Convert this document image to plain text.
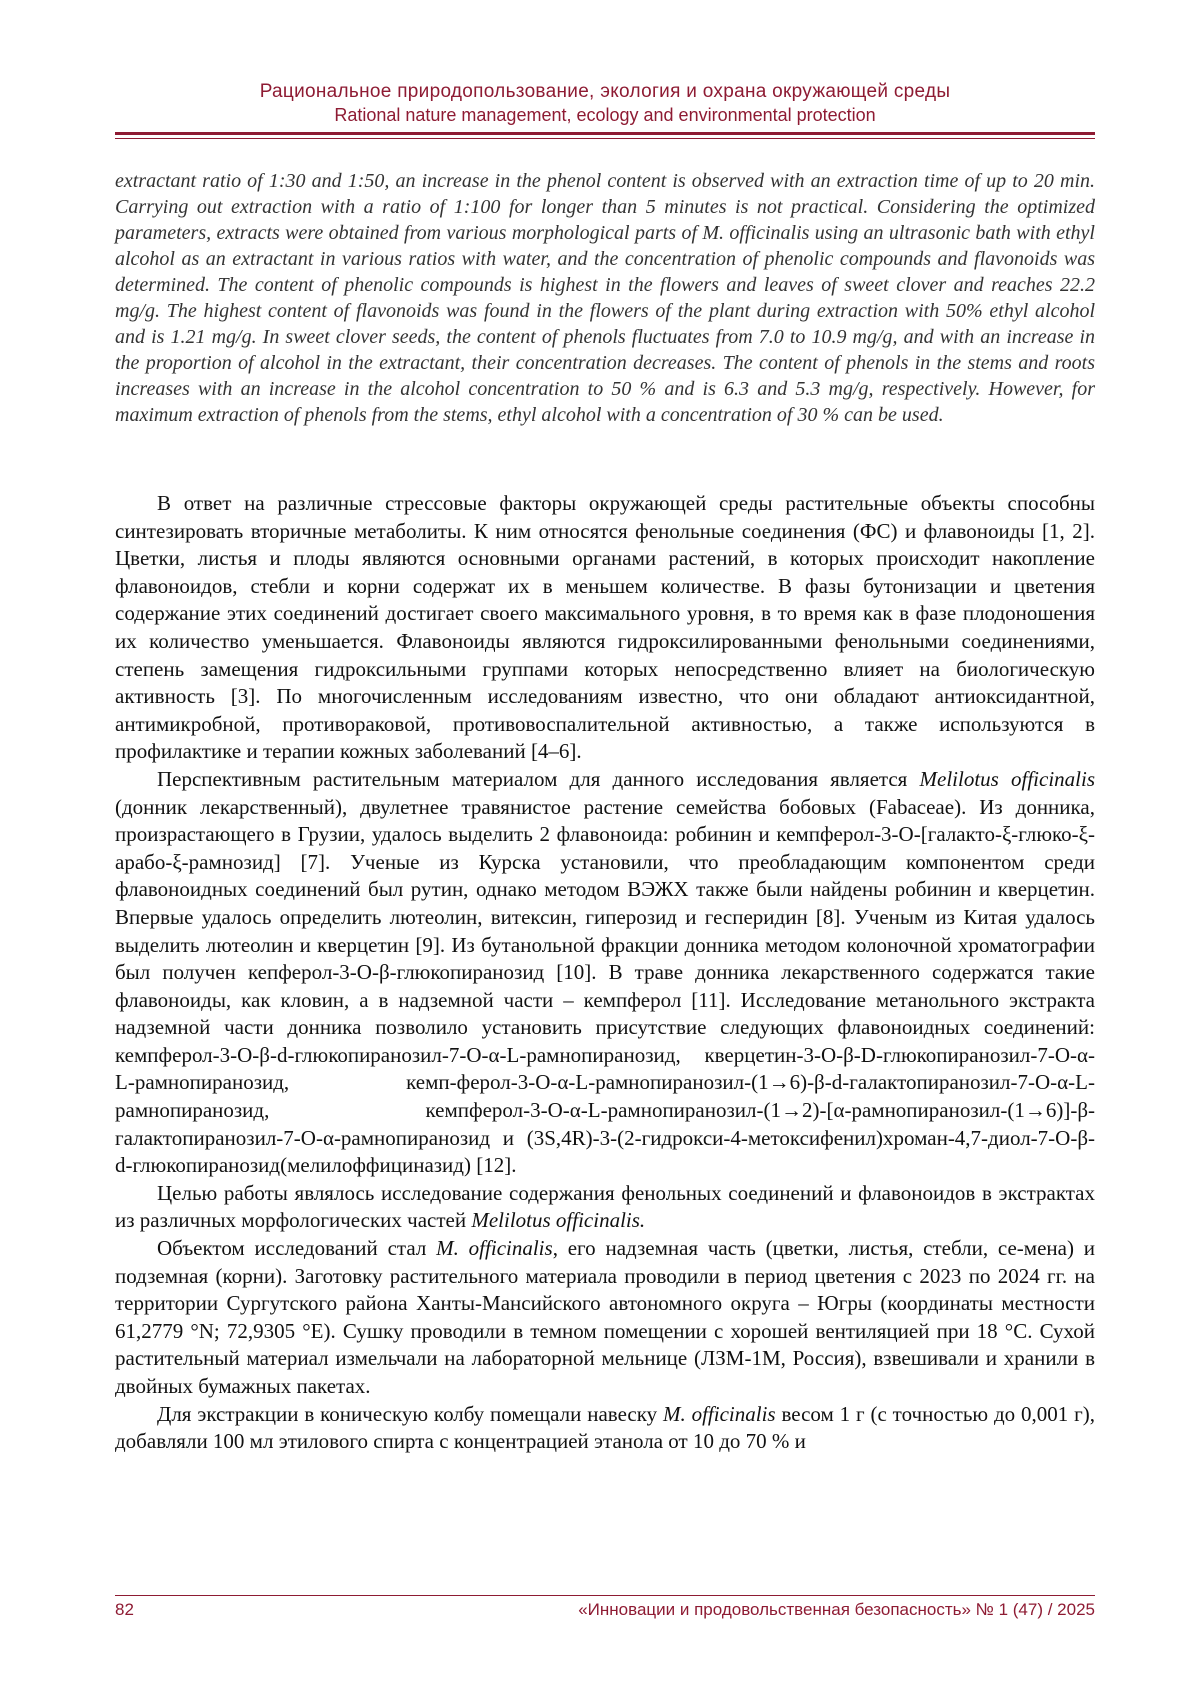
Рациональное природопользование, экология и охрана окружающей среды
Rational nature management, ecology and environmental protection

extractant ratio of 1:30 and 1:50, an increase in the phenol content is observed with an extraction time of up to 20 min. Carrying out extraction with a ratio of 1:100 for longer than 5 minutes is not practical. Considering the optimized parameters, extracts were obtained from various morphological parts of M. officinalis using an ultrasonic bath with ethyl alcohol as an extractant in various ratios with water, and the concentration of phenolic compounds and flavonoids was determined. The content of phenolic compounds is highest in the flowers and leaves of sweet clover and reaches 22.2 mg/g. The highest content of flavonoids was found in the flowers of the plant during extraction with 50% ethyl alcohol and is 1.21 mg/g. In sweet clover seeds, the content of phenols fluctuates from 7.0 to 10.9 mg/g, and with an increase in the proportion of alcohol in the extractant, their concentration decreases. The content of phenols in the stems and roots increases with an increase in the alcohol concentration to 50 % and is 6.3 and 5.3 mg/g, respectively. However, for maximum extraction of phenols from the stems, ethyl alcohol with a concentration of 30 % can be used.

В ответ на различные стрессовые факторы окружающей среды растительные объекты способны синтезировать вторичные метаболиты. К ним относятся фенольные соединения (ФС) и флавоноиды [1, 2]. Цветки, листья и плоды являются основными органами растений, в которых происходит накопление флавоноидов, стебли и корни содержат их в меньшем количестве. В фазы бутонизации и цветения содержание этих соединений достигает своего максимального уровня, в то время как в фазе плодоношения их количество уменьшается. Флавоноиды являются гидроксилированными фенольными соединениями, степень замещения гидроксильными группами которых непосредственно влияет на биологическую активность [3]. По многочисленным исследованиям известно, что они обладают антиоксидантной, антимикробной, противораковой, противовоспалительной активностью, а также используются в профилактике и терапии кожных заболеваний [4–6].

Перспективным растительным материалом для данного исследования является Melilotus officinalis (донник лекарственный), двулетнее травянистое растение семейства бобовых (Fabaceae). Из донника, произрастающего в Грузии, удалось выделить 2 флавоноида: робинин и кемпферол-3-О-[галакто-ξ-глюко-ξ-арабо-ξ-рамнозид] [7]. Ученые из Курска установили, что преобладающим компонентом среди флавоноидных соединений был рутин, однако методом ВЭЖХ также были найдены робинин и кверцетин. Впервые удалось определить лютеолин, витексин, гиперозид и гесперидин [8]. Ученым из Китая удалось выделить лютеолин и кверцетин [9]. Из бутанольной фракции донника методом колоночной хроматографии был получен кепферол-3-О-β-глюкопиранозид [10]. В траве донника лекарственного содержатся такие флавоноиды, как кловин, а в надземной части – кемпферол [11]. Исследование метанольного экстракта надземной части донника позволило установить присутствие следующих флавоноидных соединений: кемпферол-3-O-β-d-глюкопиранозил-7-O-α-L-рамнопиранозид, кверцетин-3-O-β-D-глюкопиранозил-7-O-α-L-рамнопиранозид, кемп-ферол-3-O-α-L-рамнопиранозил-(1→6)-β-d-галактопиранозил-7-O-α-L-рамнопиранозид, кемпферол-3-O-α-L-рамнопиранозил-(1→2)-[α-рамнопиранозил-(1→6)]-β-галактопиранозил-7-O-α-рамнопиранозид и (3S,4R)-3-(2-гидрокси-4-метоксифенил)хроман-4,7-диол-7-O-β-d-глюкопиранозид(мелилоффициназид) [12].

Целью работы являлось исследование содержания фенольных соединений и флавоноидов в экстрактах из различных морфологических частей Melilotus officinalis.

Объектом исследований стал M. officinalis, его надземная часть (цветки, листья, стебли, се-мена) и подземная (корни). Заготовку растительного материала проводили в период цветения с 2023 по 2024 гг. на территории Сургутского района Ханты-Мансийского автономного округа – Югры (координаты местности 61,2779 °N; 72,9305 °E). Сушку проводили в темном помещении с хорошей вентиляцией при 18 °С. Сухой растительный материал измельчали на лабораторной мельнице (ЛЗМ-1М, Россия), взвешивали и хранили в двойных бумажных пакетах.

Для экстракции в коническую колбу помещали навеску M. officinalis весом 1 г (с точностью до 0,001 г), добавляли 100 мл этилового спирта с концентрацией этанола от 10 до 70 % и

82	«Инновации и продовольственная безопасность» № 1 (47) / 2025
